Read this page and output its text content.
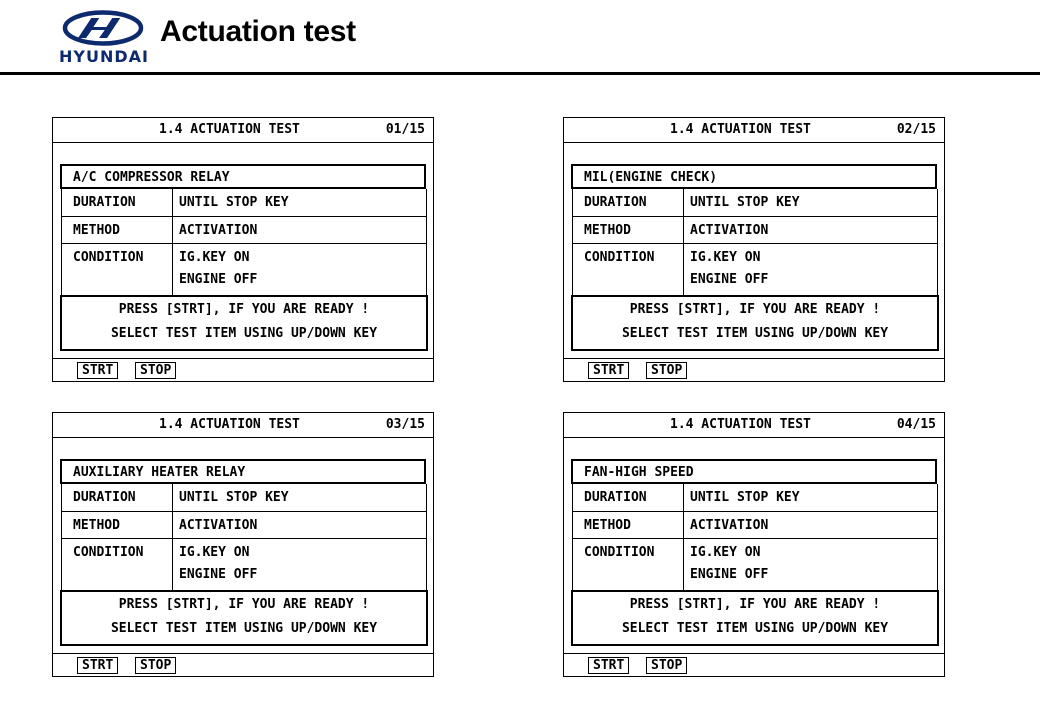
HYUNDAI
Actuation test
1.4 ACTUATION TEST	01/15
A/C COMPRESSOR RELAY
DURATION	UNTIL STOP KEY
METHOD	ACTIVATION
CONDITION	IG.KEY ON
ENGINE OFF
PRESS [STRT], IF YOU ARE READY !
SELECT TEST ITEM USING UP/DOWN KEY
STRT	STOP
1.4 ACTUATION TEST	02/15
MIL(ENGINE CHECK)
DURATION	UNTIL STOP KEY
METHOD	ACTIVATION
CONDITION	IG.KEY ON
ENGINE OFF
PRESS [STRT], IF YOU ARE READY !
SELECT TEST ITEM USING UP/DOWN KEY
STRT	STOP
1.4 ACTUATION TEST	03/15
AUXILIARY HEATER RELAY
DURATION	UNTIL STOP KEY
METHOD	ACTIVATION
CONDITION	IG.KEY ON
ENGINE OFF
PRESS [STRT], IF YOU ARE READY !
SELECT TEST ITEM USING UP/DOWN KEY
STRT	STOP
1.4 ACTUATION TEST	04/15
FAN-HIGH SPEED
DURATION	UNTIL STOP KEY
METHOD	ACTIVATION
CONDITION	IG.KEY ON
ENGINE OFF
PRESS [STRT], IF YOU ARE READY !
SELECT TEST ITEM USING UP/DOWN KEY
STRT	STOP
